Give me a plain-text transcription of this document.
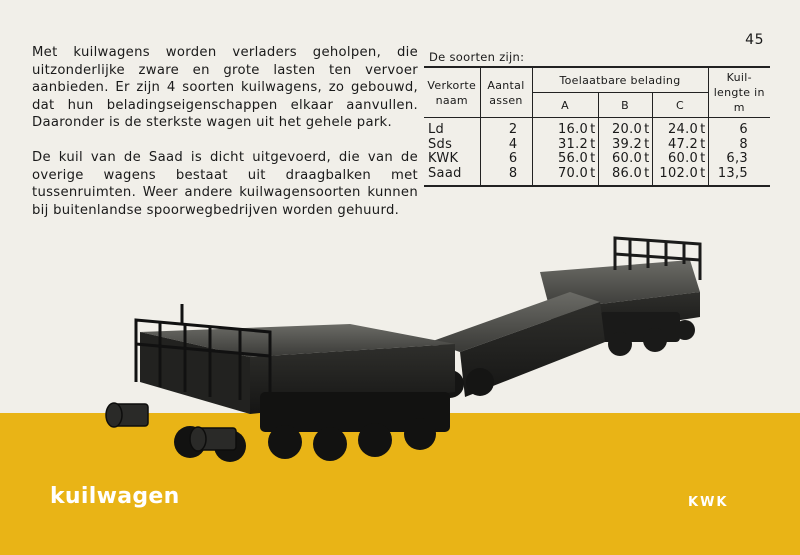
45

Met kuilwagens worden verladers geholpen, die uitzonderlijke zware en grote lasten ten vervoer aanbieden. Er zijn 4 soorten kuilwagens, zo gebouwd, dat hun beladingseigenschappen elkaar aanvullen. Daaronder is de sterkste wagen uit het gehele park.

De kuil van de Saad is dicht uitgevoerd, die van de overige wagens bestaat uit draagbalken met tussenruimten. Weer andere kuilwagensoorten kunnen bij buitenlandse spoorwegbedrijven worden gehuurd.

De soorten zijn:
Verkorte naam	Aantal assen	Toelaatbare belading			Kuil-lengte in m
		A	B	C	
Ld	2	16.0 t	20.0 t	24.0 t	6
Sds	4	31.2 t	39.2 t	47.2 t	8
KWK	6	56.0 t	60.0 t	60.0 t	6,3
Saad	8	70.0 t	86.0 t	102.0 t	13,5
kuilwagen	KWK
